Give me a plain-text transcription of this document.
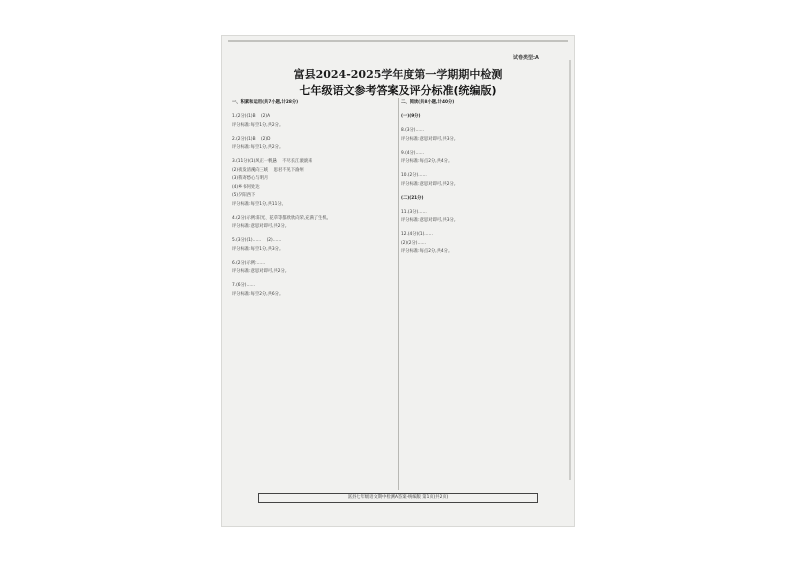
试卷类型:A
富县2024-2025学年度第一学期期中检测
七年级语文参考答案及评分标准(统编版)

一、积累和运用(共7小题,计28分)

1.(2分)(1)B    (2)A

评分标准:每空1分,共2分。

2.(2分)(1)B    (2)D

评分标准:每空1分,共2分。

3.(11分)(1)风正一帆悬    不尽长江滚滚来

(2)夜发清溪向三峡    思君不见下渝州

(3)我寄愁心与明月

(4)乡书何处达

(5)夕阳西下

评分标准:每空1分,共11分。

4.(2分)示例:阳光、花草等都欣欣向荣,充满了生机。

评分标准:意思对即可,共2分。

5.(3分)(1)……    (2)……

评分标准:每空1分,共3分。

6.(2分)示例:……

评分标准:意思对即可,共2分。

7.(6分)……

评分标准:每空2分,共6分。

二、阅读(共8小题,计40分)

(一)(9分)

8.(3分)……

评分标准:意思对即可,共3分。

9.(4分)……

评分标准:每点2分,共4分。

10.(2分)……

评分标准:意思对即可,共2分。

(二)(21分)

11.(3分)……

评分标准:意思对即可,共3分。

12.(4分)(1)……

(2)(2分)……

评分标准:每点2分,共4分。

富县七年级语文期中检测A答案-统编版 第1页(共2页)
